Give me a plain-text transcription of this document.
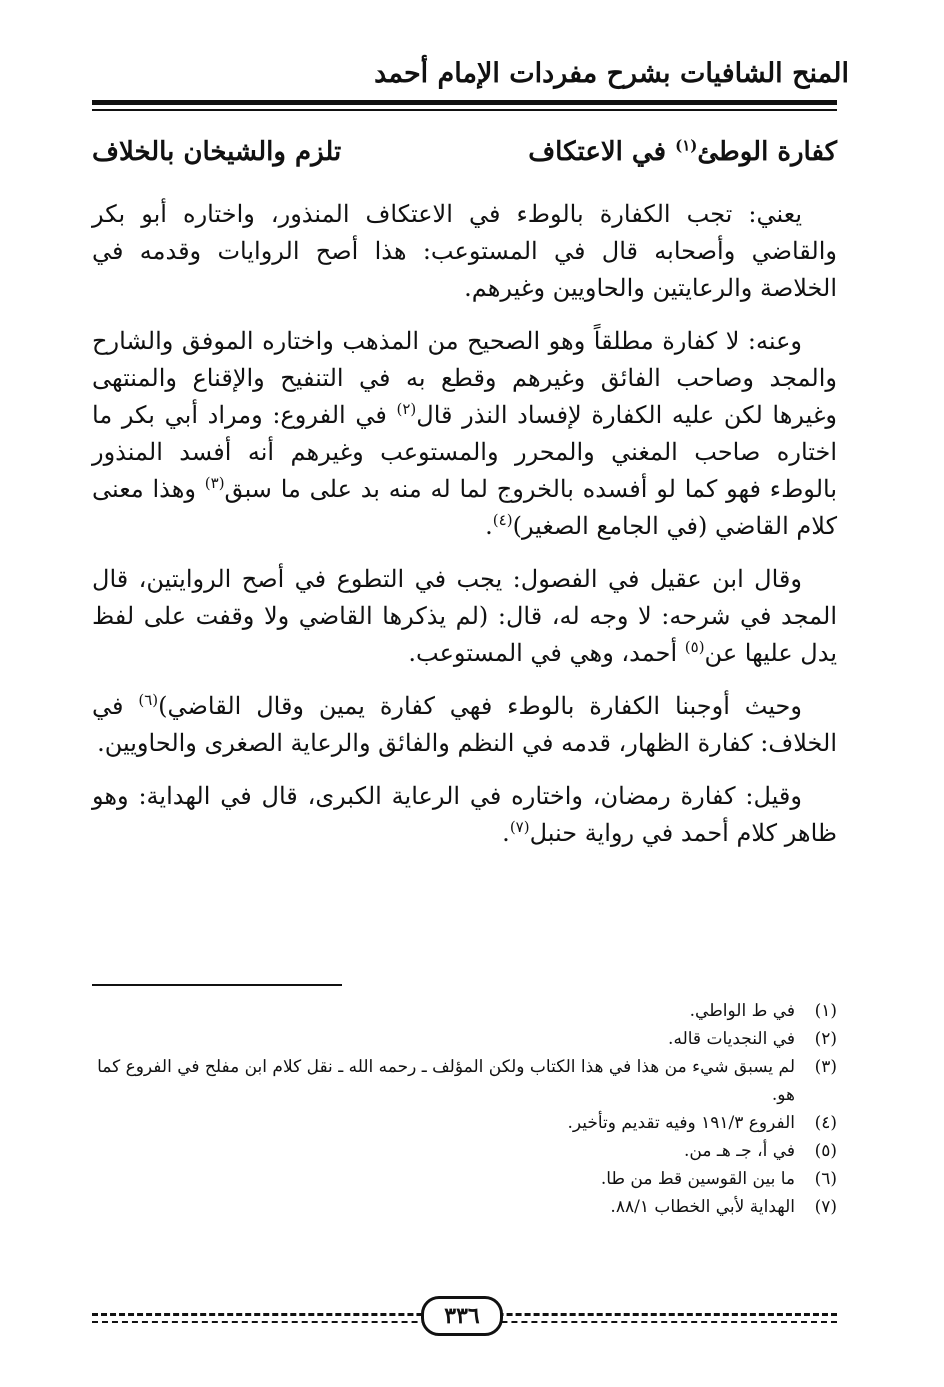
المنح الشافيات بشرح مفردات الإمام أحمد
كفارة الوطئ$^{(١)}$ في الاعتكاف
تلزم والشيخان بالخلاف

يعني: تجب الكفارة بالوطء في الاعتكاف المنذور، واختاره أبو بكر والقاضي وأصحابه قال في المستوعب: هذا أصح الروايات وقدمه في الخلاصة والرعايتين والحاويين وغيرهم.

وعنه: لا كفارة مطلقاً وهو الصحيح من المذهب واختاره الموفق والشارح والمجد وصاحب الفائق وغيرهم وقطع به في التنفيح والإقناع والمنتهى وغيرها لكن عليه الكفارة لإفساد النذر قال$^{(٢)}$ في الفروع: ومراد أبي بكر ما اختاره صاحب المغني والمحرر والمستوعب وغيرهم أنه أفسد المنذور بالوطء فهو كما لو أفسده بالخروج لما له منه بد على ما سبق$^{(٣)}$ وهذا معنى كلام القاضي (في الجامع الصغير)$^{(٤)}$.

وقال ابن عقيل في الفصول: يجب في التطوع في أصح الروايتين، قال المجد في شرحه: لا وجه له، قال: (لم يذكرها القاضي ولا وقفت على لفظ يدل عليها عن$^{(٥)}$ أحمد، وهي في المستوعب.

وحيث أوجبنا الكفارة بالوطء فهي كفارة يمين وقال القاضي)$^{(٦)}$ في الخلاف: كفارة الظهار، قدمه في النظم والفائق والرعاية الصغرى والحاويين.

وقيل: كفارة رمضان، واختاره في الرعاية الكبرى، قال في الهداية: وهو ظاهر كلام أحمد في رواية حنبل$^{(٧)}$.

(١)
في ط الواطي.
(٢)
في النجديات قاله.
(٣)
لم يسبق شيء من هذا في هذا الكتاب ولكن المؤلف ـ رحمه الله ـ نقل كلام ابن مفلح في الفروع كما هو.
(٤)
الفروع ١٩١/٣ وفيه تقديم وتأخير.
(٥)
في أ، جـ هـ من.
(٦)
ما بين القوسين قط من طا.
(٧)
الهداية لأبي الخطاب ٨٨/١.
٣٣٦
